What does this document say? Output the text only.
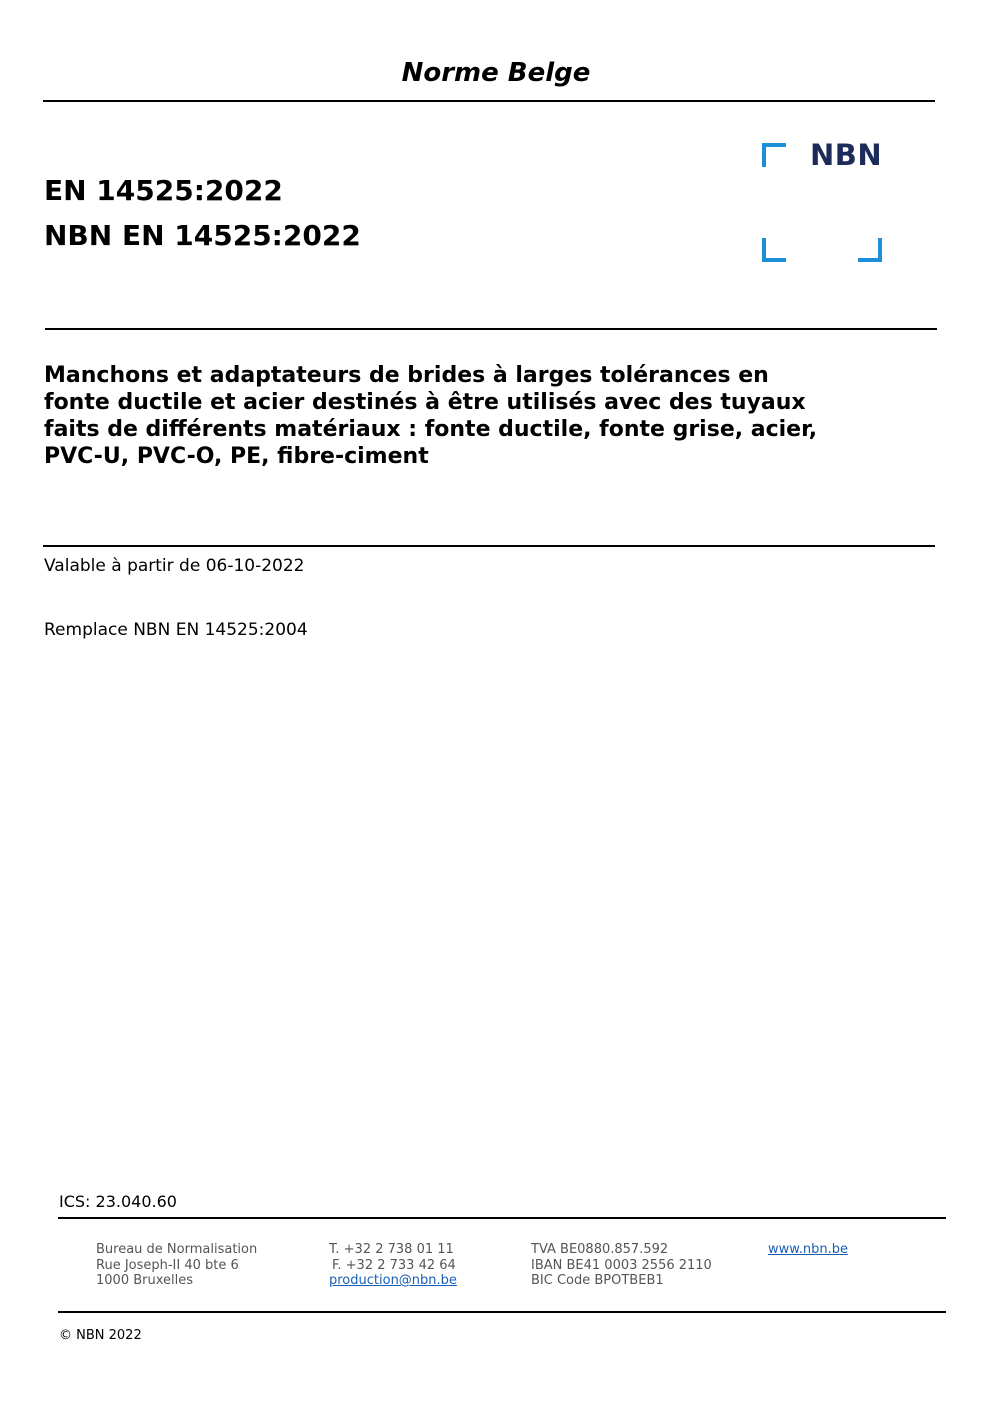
Norme Belge
EN 14525:2022
NBN EN 14525:2022
NBN
Manchons et adaptateurs de brides à larges tolérances en
fonte ductile et acier destinés à être utilisés avec des tuyaux
faits de différents matériaux : fonte ductile, fonte grise, acier,
PVC-U, PVC-O, PE, fibre-ciment
Valable à partir de 06-10-2022
Remplace NBN EN 14525:2004
ICS: 23.040.60
Bureau de Normalisation
Rue Joseph-II 40 bte 6
1000 Bruxelles
T. +32 2 738 01 11
F. +32 2 733 42 64
production@nbn.be
TVA BE0880.857.592
IBAN BE41 0003 2556 2110
BIC Code BPOTBEB1
www.nbn.be
© NBN 2022
